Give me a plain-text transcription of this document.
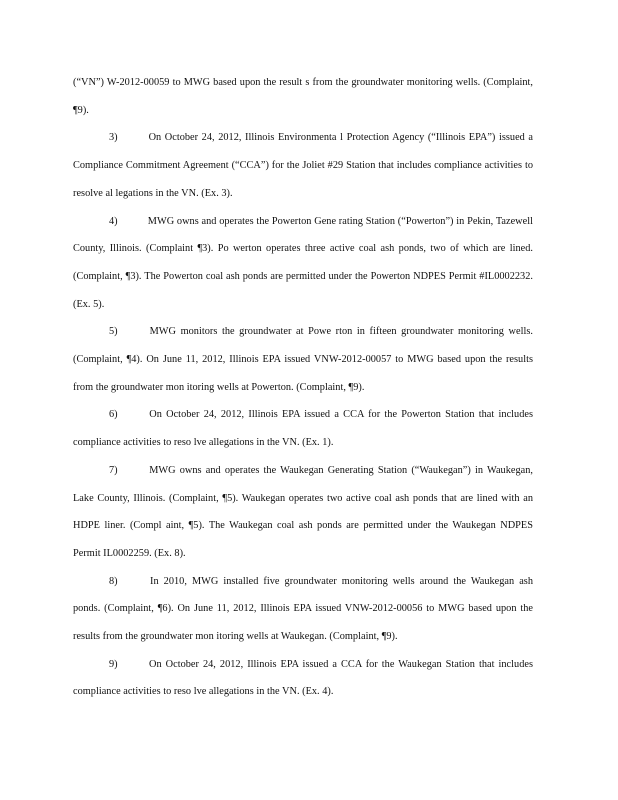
(“VN”) W-2012-00059 to MWG based upon the result s from the groundwater monitoring wells. (Complaint, ¶9).

3)	On October 24, 2012, Illinois Environmenta l Protection Agency (“Illinois EPA”) issued a Compliance Commitment Agreement (“CCA”) for the Joliet #29 Station that includes compliance activities to resolve al legations in the VN. (Ex. 3).

4)	MWG owns and operates the Powerton Gene rating Station (“Powerton”) in Pekin, Tazewell County, Illinois. (Complaint ¶3). Po werton operates three active coal ash ponds, two of which are lined. (Complaint, ¶3). The Powerton coal ash ponds are permitted under the Powerton NDPES Permit #IL0002232. (Ex. 5).

5)	MWG monitors the groundwater at Powe rton in fifteen groundwater monitoring wells. (Complaint, ¶4). On June 11, 2012, Illinois EPA issued VNW-2012-00057 to MWG based upon the results from the groundwater mon itoring wells at Powerton. (Complaint, ¶9).

6)	On October 24, 2012, Illinois EPA issued a CCA for the Powerton Station that includes compliance activities to reso lve allegations in the VN. (Ex. 1).

7)	MWG owns and operates the Waukegan Generating Station (“Waukegan”) in Waukegan, Lake County, Illinois. (Complaint, ¶5). Waukegan operates two active coal ash ponds that are lined with an HDPE liner. (Compl aint, ¶5). The Waukegan coal ash ponds are permitted under the Waukegan NDPES Permit IL0002259. (Ex. 8).

8)	In 2010, MWG installed five groundwater monitoring wells around the Waukegan ash ponds. (Complaint, ¶6). On June 11, 2012, Illinois EPA issued VNW-2012-00056 to MWG based upon the results from the groundwater mon itoring wells at Waukegan. (Complaint, ¶9).

9)	On October 24, 2012, Illinois EPA issued a CCA for the Waukegan Station that includes compliance activities to reso lve allegations in the VN. (Ex. 4).
